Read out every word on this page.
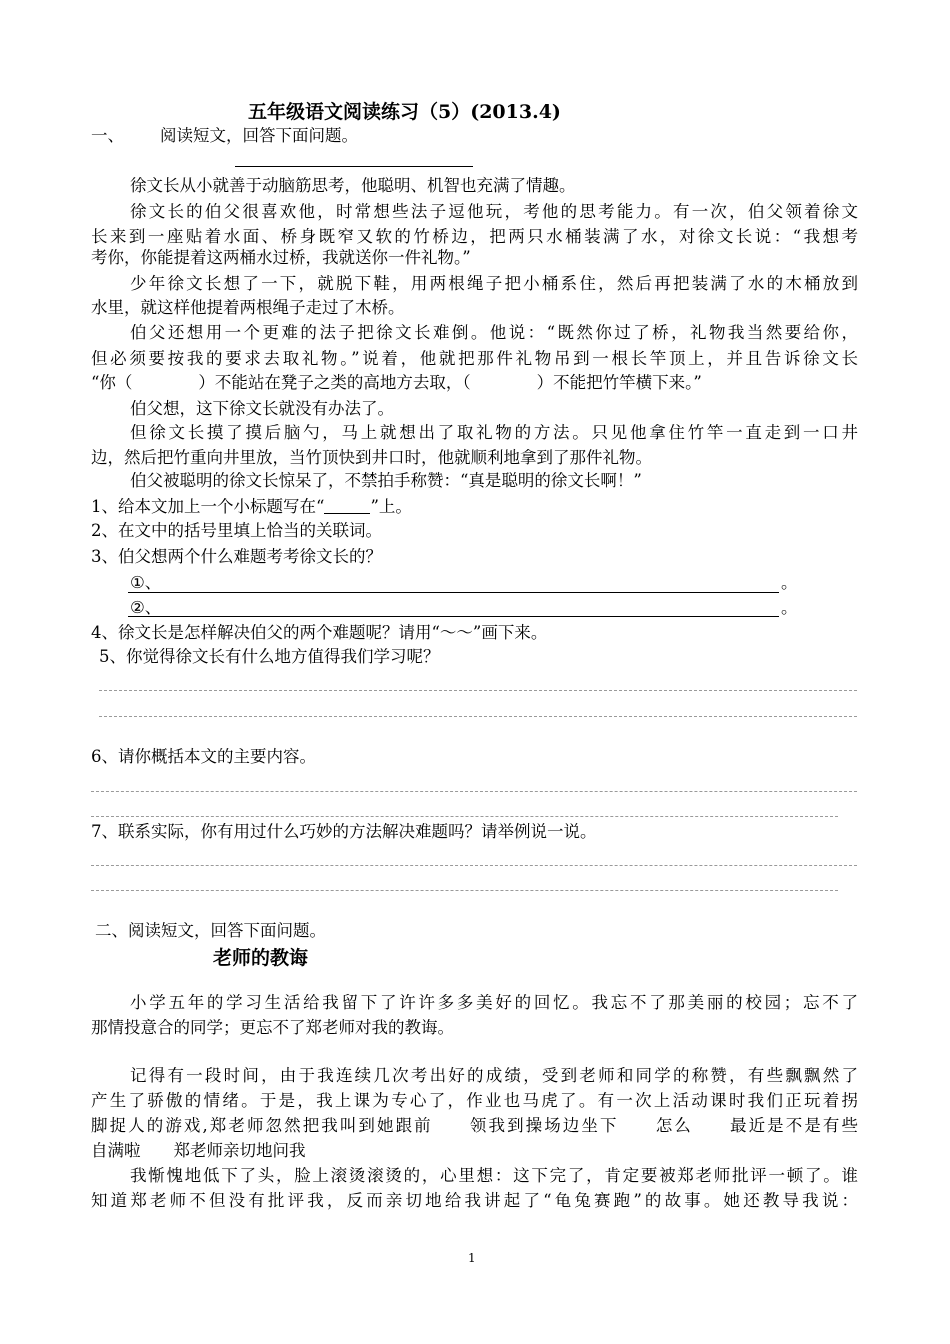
五年级语文阅读练习（5）(2013.4)
一、 阅读短文，回答下面问题。
徐文长从小就善于动脑筋思考，他聪明、机智也充满了情趣。
徐文长的伯父很喜欢他，时常想些法子逗他玩，考他的思考能力。有一次，伯父领着徐文
长来到一座贴着水面、桥身既窄又软的竹桥边，把两只水桶装满了水，对徐文长说：“我想考
考你，你能提着这两桶水过桥，我就送你一件礼物。”
少年徐文长想了一下，就脱下鞋，用两根绳子把小桶系住，然后再把装满了水的木桶放到
水里，就这样他提着两根绳子走过了木桥。
伯父还想用一个更难的法子把徐文长难倒。他说：“既然你过了桥，礼物我当然要给你，
但必须要按我的要求去取礼物。”说着，他就把那件礼物吊到一根长竿顶上，并且告诉徐文长
“你（　　　　）不能站在凳子之类的高地方去取，（　　　　）不能把竹竿横下来。”
伯父想，这下徐文长就没有办法了。
但徐文长摸了摸后脑勺，马上就想出了取礼物的方法。只见他拿住竹竿一直走到一口井
边，然后把竹重向井里放，当竹顶快到井口时，他就顺利地拿到了那件礼物。
伯父被聪明的徐文长惊呆了，不禁拍手称赞：“真是聪明的徐文长啊！”
1、给本文加上一个小标题写在“	”上。
2、在文中的括号里填上恰当的关联词。
3、伯父想两个什么难题考考徐文长的？
①、	。
②、	。
4、徐文长是怎样解决伯父的两个难题呢？请用“～～”画下来。
5、你觉得徐文长有什么地方值得我们学习呢？
6、请你概括本文的主要内容。
7、联系实际，你有用过什么巧妙的方法解决难题吗？请举例说一说。
二、阅读短文，回答下面问题。
老师的教诲
小学五年的学习生活给我留下了许许多多美好的回忆。我忘不了那美丽的校园；忘不了
那情投意合的同学；更忘不了郑老师对我的教诲。
记得有一段时间，由于我连续几次考出好的成绩，受到老师和同学的称赞，有些飘飘然了
产生了骄傲的情绪。于是，我上课为专心了，作业也马虎了。有一次上活动课时我们正玩着拐
脚捉人的游戏,郑老师忽然把我叫到她跟前　　领我到操场边坐下　　怎么　　最近是不是有些
自满啦　　郑老师亲切地问我
我惭愧地低下了头，脸上滚烫滚烫的，心里想：这下完了，肯定要被郑老师批评一顿了。谁
知道郑老师不但没有批评我，反而亲切地给我讲起了“龟兔赛跑”的故事。她还教导我说：
1
